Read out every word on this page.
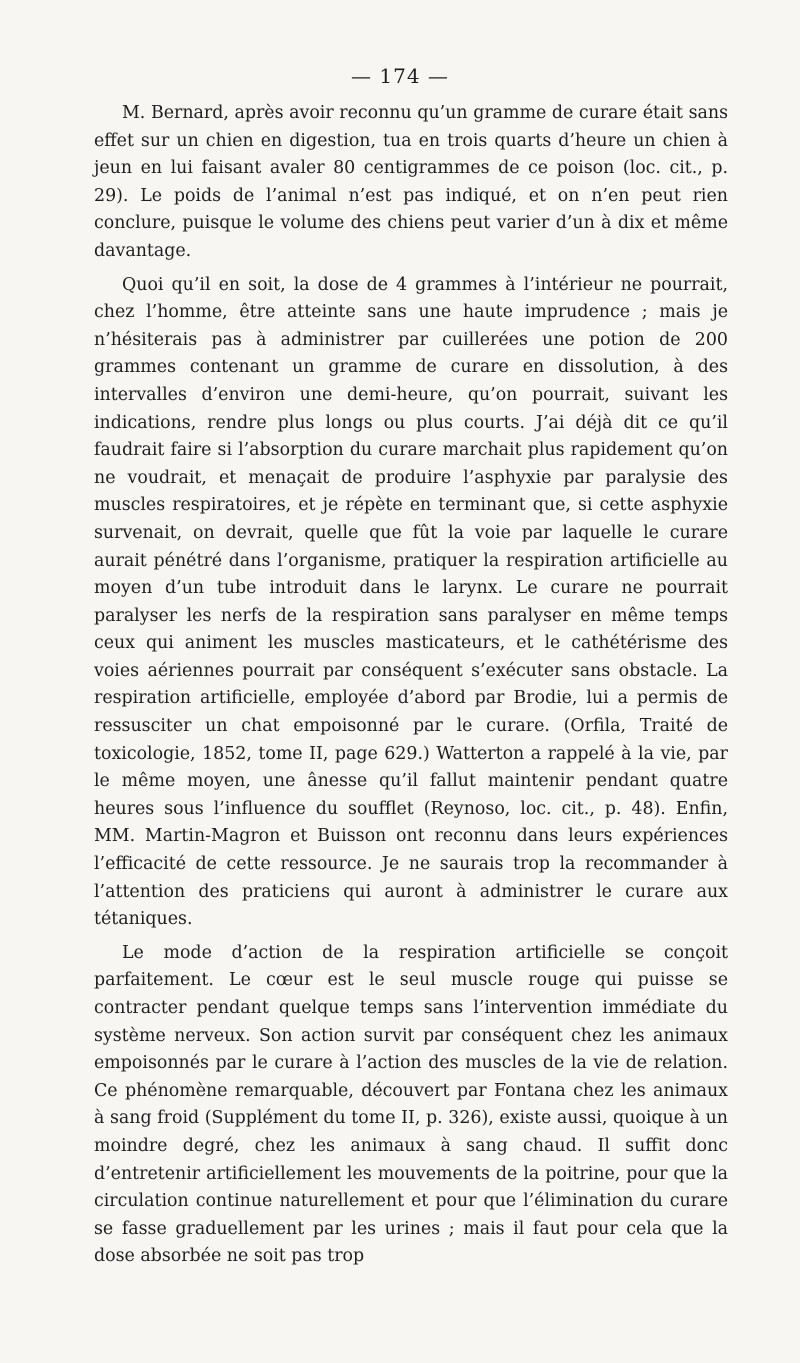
— 174 —

M. Bernard, après avoir reconnu qu’un gramme de curare était sans effet sur un chien en digestion, tua en trois quarts d’heure un chien à jeun en lui faisant avaler 80 centigrammes de ce poison (loc. cit., p. 29). Le poids de l’animal n’est pas indiqué, et on n’en peut rien conclure, puisque le volume des chiens peut varier d’un à dix et même davantage.

Quoi qu’il en soit, la dose de 4 grammes à l’intérieur ne pourrait, chez l’homme, être atteinte sans une haute imprudence ; mais je n’hésiterais pas à administrer par cuillerées une potion de 200 grammes contenant un gramme de curare en dissolution, à des intervalles d’environ une demi-heure, qu’on pourrait, suivant les indications, rendre plus longs ou plus courts. J’ai déjà dit ce qu’il faudrait faire si l’absorption du curare marchait plus rapidement qu’on ne voudrait, et menaçait de produire l’asphyxie par paralysie des muscles respiratoires, et je répète en terminant que, si cette asphyxie survenait, on devrait, quelle que fût la voie par laquelle le curare aurait pénétré dans l’organisme, pratiquer la respiration artificielle au moyen d’un tube introduit dans le larynx. Le curare ne pourrait paralyser les nerfs de la respiration sans paralyser en même temps ceux qui animent les muscles masticateurs, et le cathétérisme des voies aériennes pourrait par conséquent s’exécuter sans obstacle. La respiration artificielle, employée d’abord par Brodie, lui a permis de ressusciter un chat empoisonné par le curare. (Orfila, Traité de toxicologie, 1852, tome II, page 629.) Watterton a rappelé à la vie, par le même moyen, une ânesse qu’il fallut maintenir pendant quatre heures sous l’influence du soufflet (Reynoso, loc. cit., p. 48). Enfin, MM. Martin-Magron et Buisson ont reconnu dans leurs expériences l’efficacité de cette ressource. Je ne saurais trop la recommander à l’attention des praticiens qui auront à administrer le curare aux tétaniques.

Le mode d’action de la respiration artificielle se conçoit parfaitement. Le cœur est le seul muscle rouge qui puisse se contracter pendant quelque temps sans l’intervention immédiate du système nerveux. Son action survit par conséquent chez les animaux empoisonnés par le curare à l’action des muscles de la vie de relation. Ce phénomène remarquable, découvert par Fontana chez les animaux à sang froid (Supplément du tome II, p. 326), existe aussi, quoique à un moindre degré, chez les animaux à sang chaud. Il suffit donc d’entretenir artificiellement les mouvements de la poitrine, pour que la circulation continue naturellement et pour que l’élimination du curare se fasse graduellement par les urines ; mais il faut pour cela que la dose absorbée ne soit pas trop
